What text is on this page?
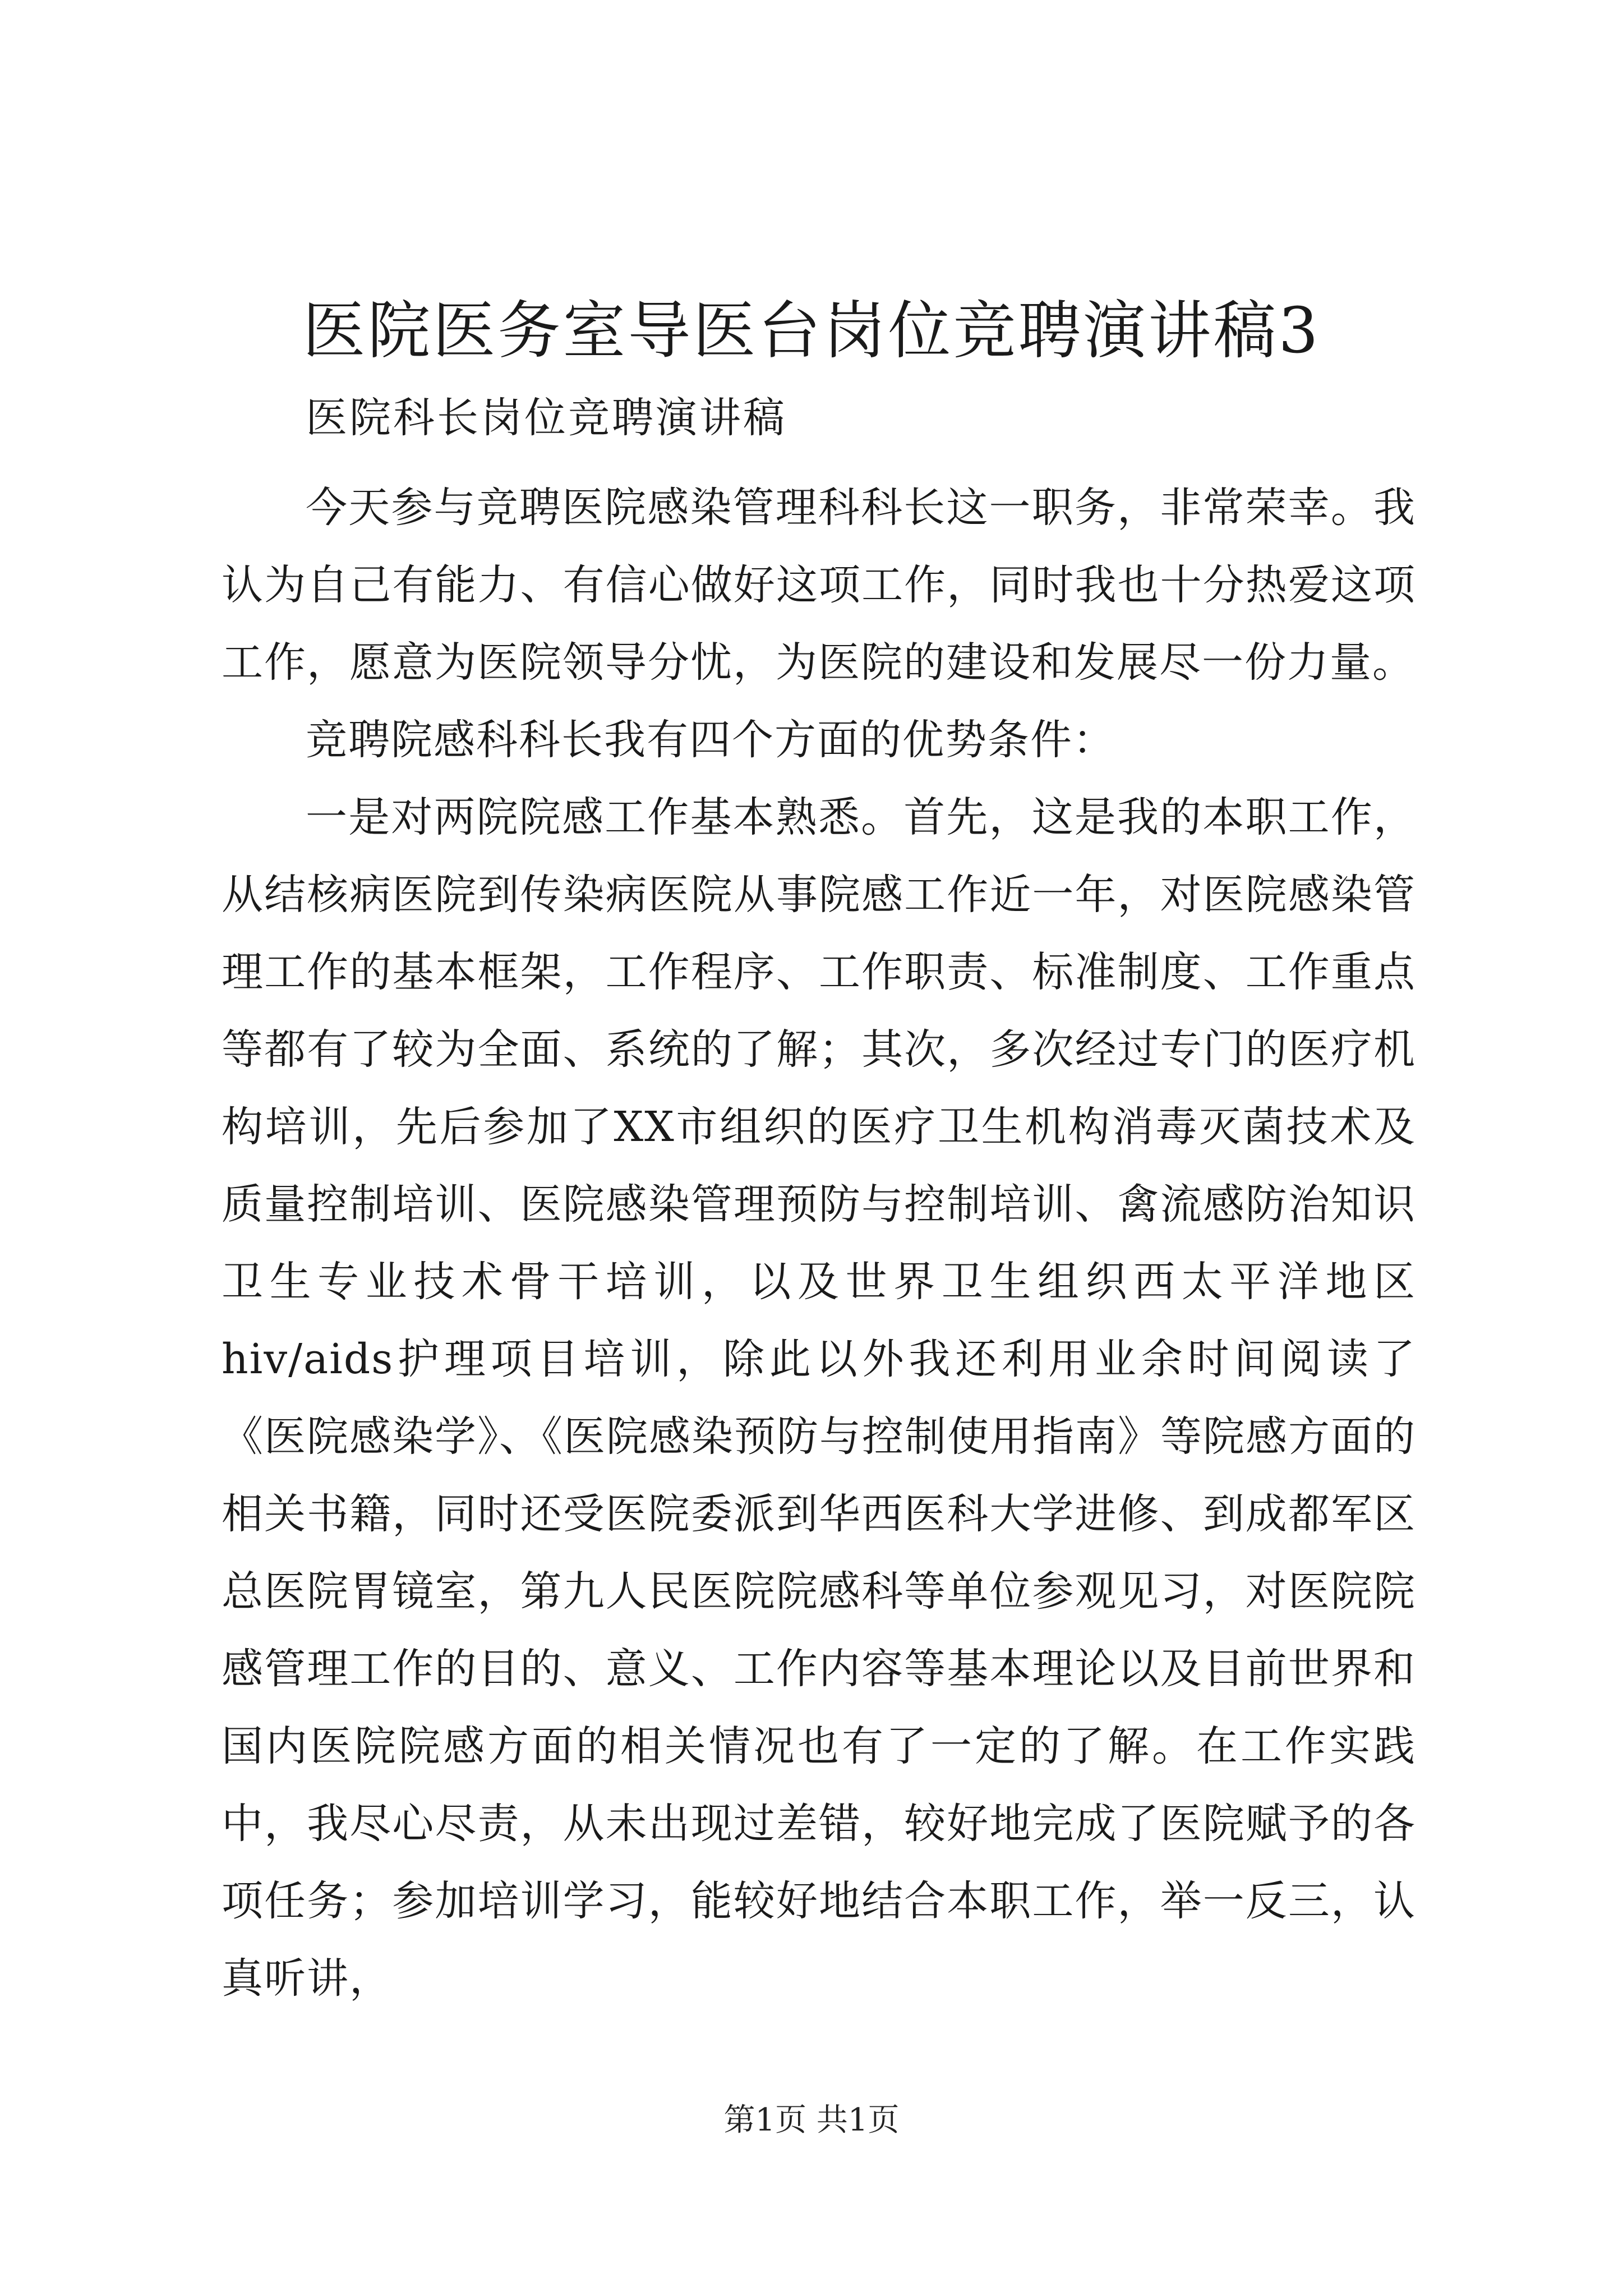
医院医务室导医台岗位竞聘演讲稿3
医院科长岗位竞聘演讲稿

今天参与竞聘医院感染管理科科长这一职务，非常荣幸。我认为自己有能力、有信心做好这项工作，同时我也十分热爱这项工作，愿意为医院领导分忧，为医院的建设和发展尽一份力量。

竞聘院感科科长我有四个方面的优势条件：

一是对两院院感工作基本熟悉。首先，这是我的本职工作，从结核病医院到传染病医院从事院感工作近一年，对医院感染管理工作的基本框架，工作程序、工作职责、标准制度、工作重点等都有了较为全面、系统的了解；其次，多次经过专门的医疗机构培训，先后参加了XX市组织的医疗卫生机构消毒灭菌技术及质量控制培训、医院感染管理预防与控制培训、禽流感防治知识卫生专业技术骨干培训，以及世界卫生组织西太平洋地区hiv/aids护理项目培训，除此以外我还利用业余时间阅读了《医院感染学》、《医院感染预防与控制使用指南》等院感方面的相关书籍，同时还受医院委派到华西医科大学进修、到成都军区总医院胃镜室，第九人民医院院感科等单位参观见习，对医院院感管理工作的目的、意义、工作内容等基本理论以及目前世界和国内医院院感方面的相关情况也有了一定的了解。在工作实践中，我尽心尽责，从未出现过差错，较好地完成了医院赋予的各项任务；参加培训学习，能较好地结合本职工作，举一反三，认真听讲，

第1页 共1页
